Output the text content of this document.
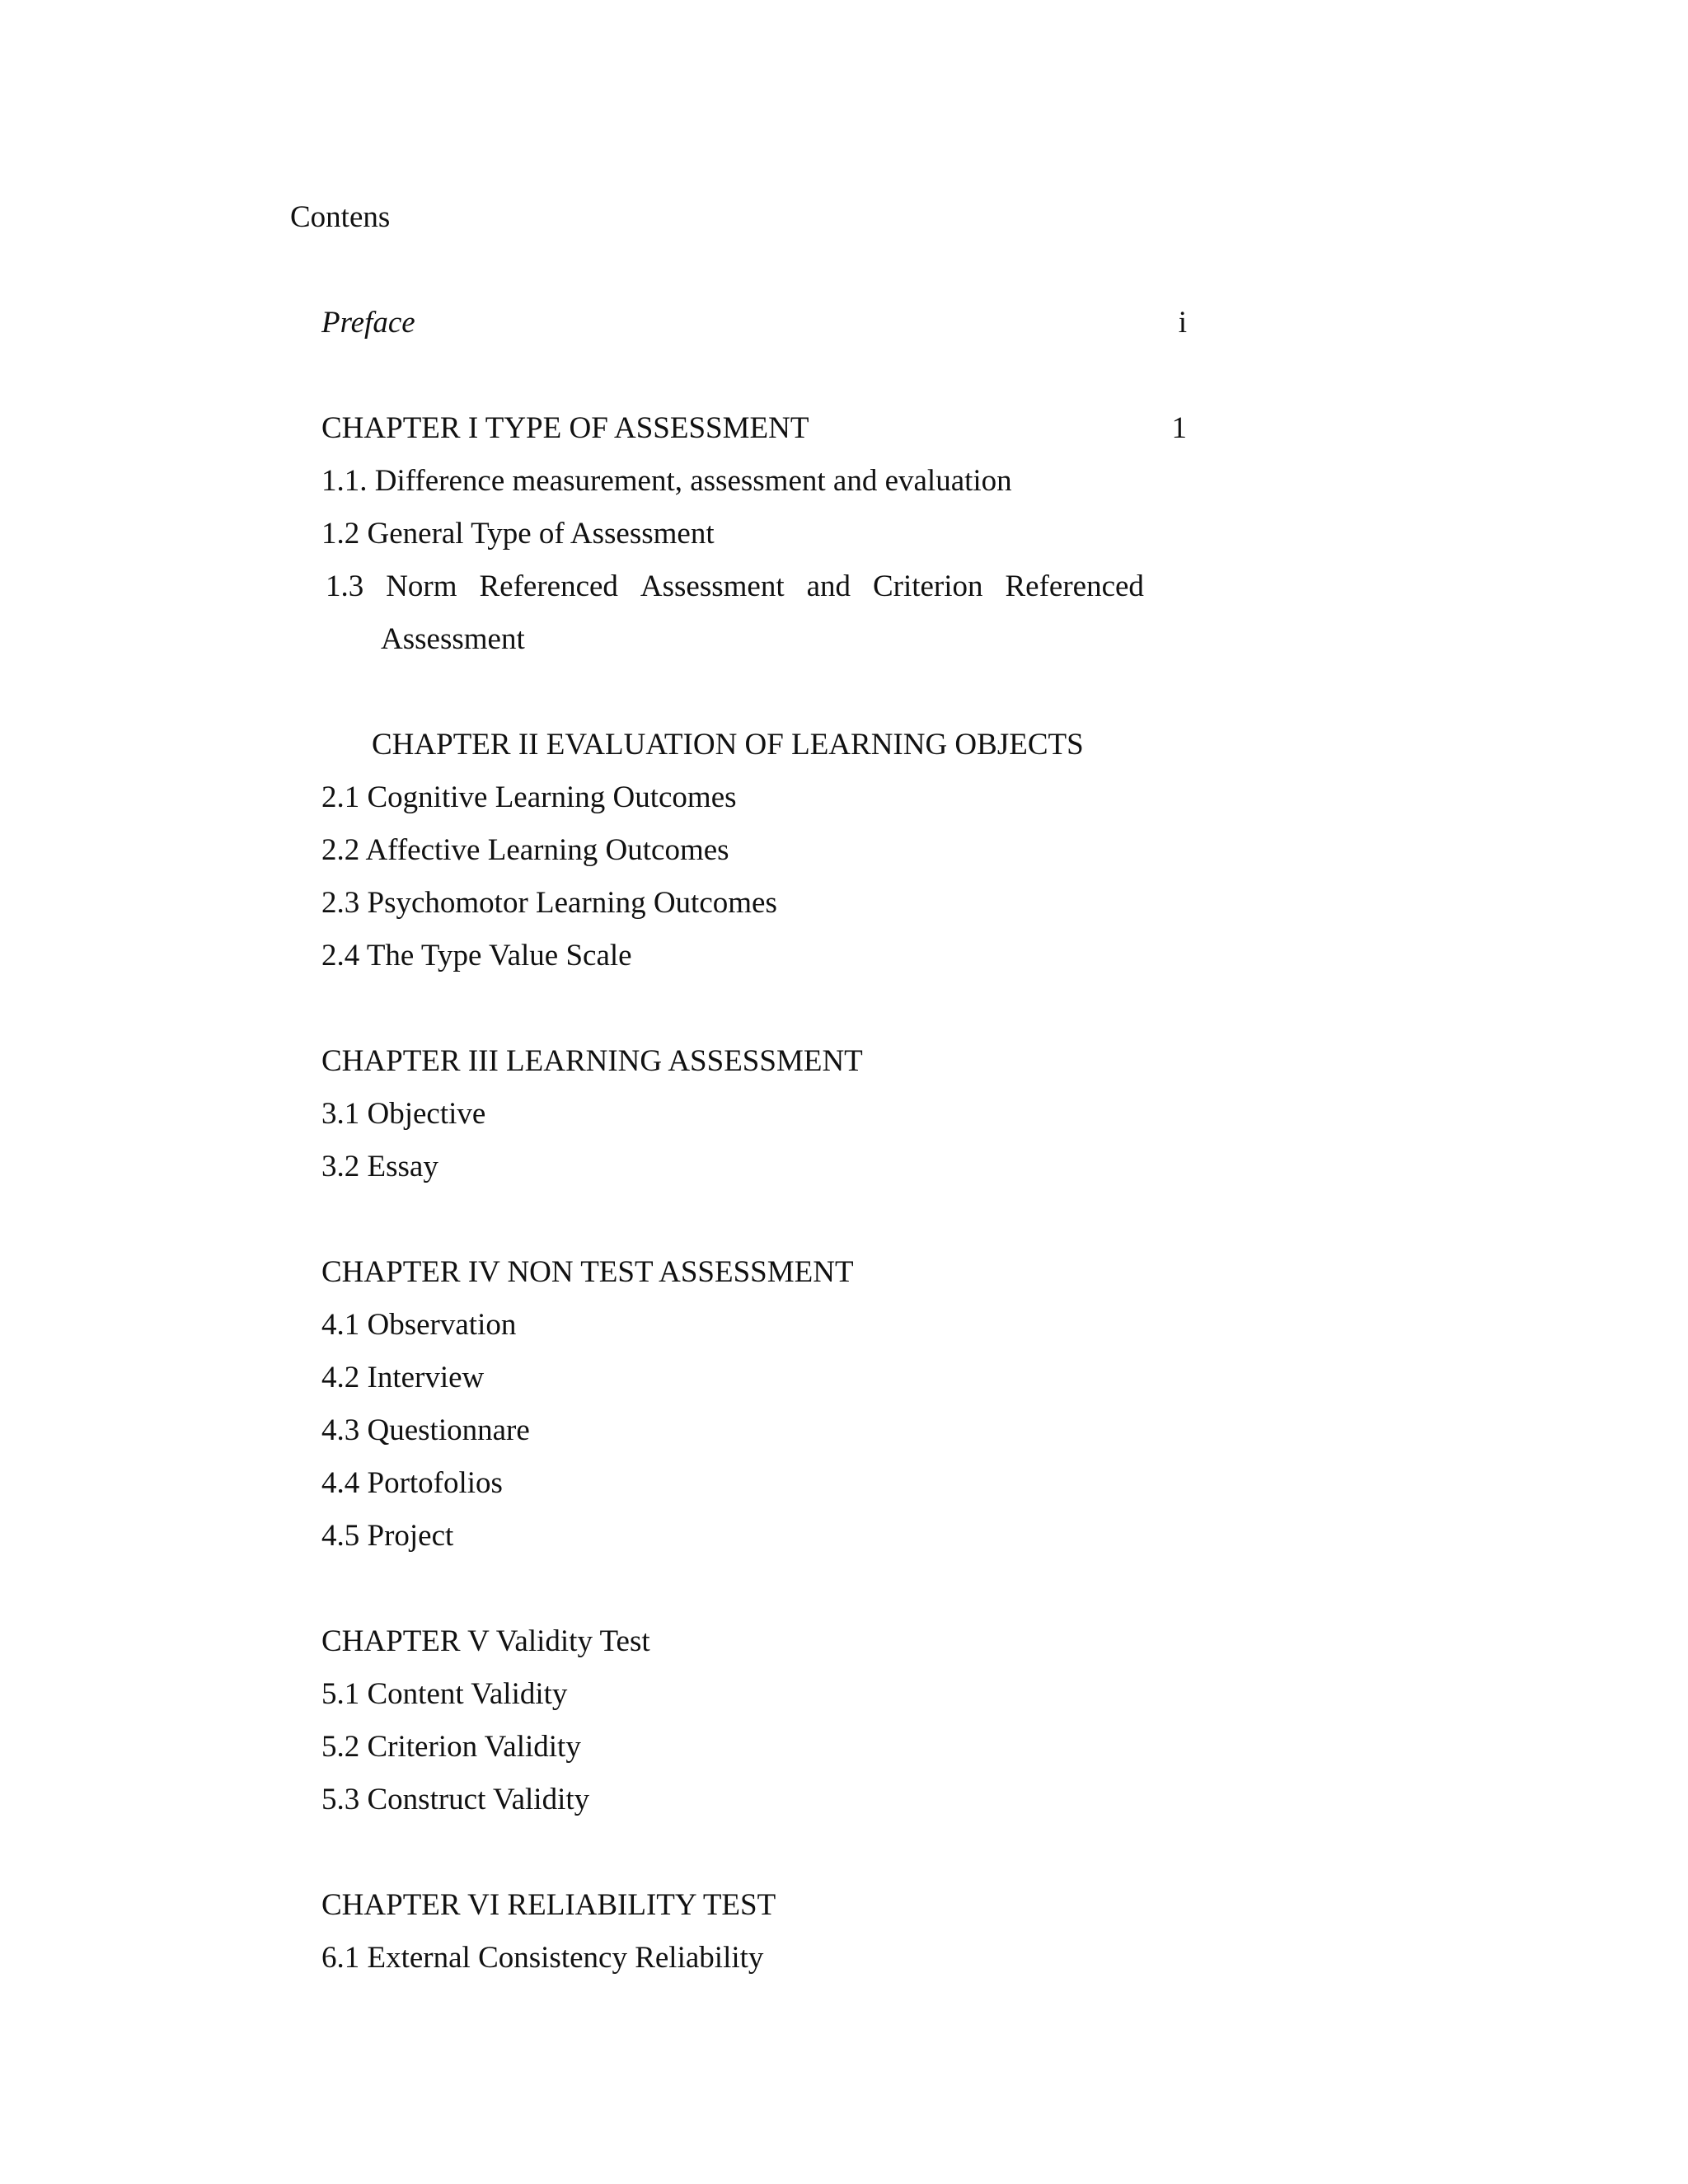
Contens
Preface	i
CHAPTER I TYPE OF ASSESSMENT	1
1.1. Difference measurement, assessment and evaluation
1.2 General Type of Assessment
1.3 Norm Referenced Assessment and Criterion Referenced
Assessment
CHAPTER II EVALUATION OF LEARNING OBJECTS
2.1 Cognitive Learning Outcomes
2.2 Affective Learning Outcomes
2.3 Psychomotor Learning Outcomes
2.4 The Type Value Scale
CHAPTER III LEARNING ASSESSMENT
3.1 Objective
3.2 Essay
CHAPTER IV NON TEST ASSESSMENT
4.1 Observation
4.2 Interview
4.3 Questionnare
4.4 Portofolios
4.5 Project
CHAPTER V Validity Test
5.1 Content Validity
5.2 Criterion Validity
5.3 Construct Validity
CHAPTER VI RELIABILITY TEST
6.1 External Consistency Reliability
